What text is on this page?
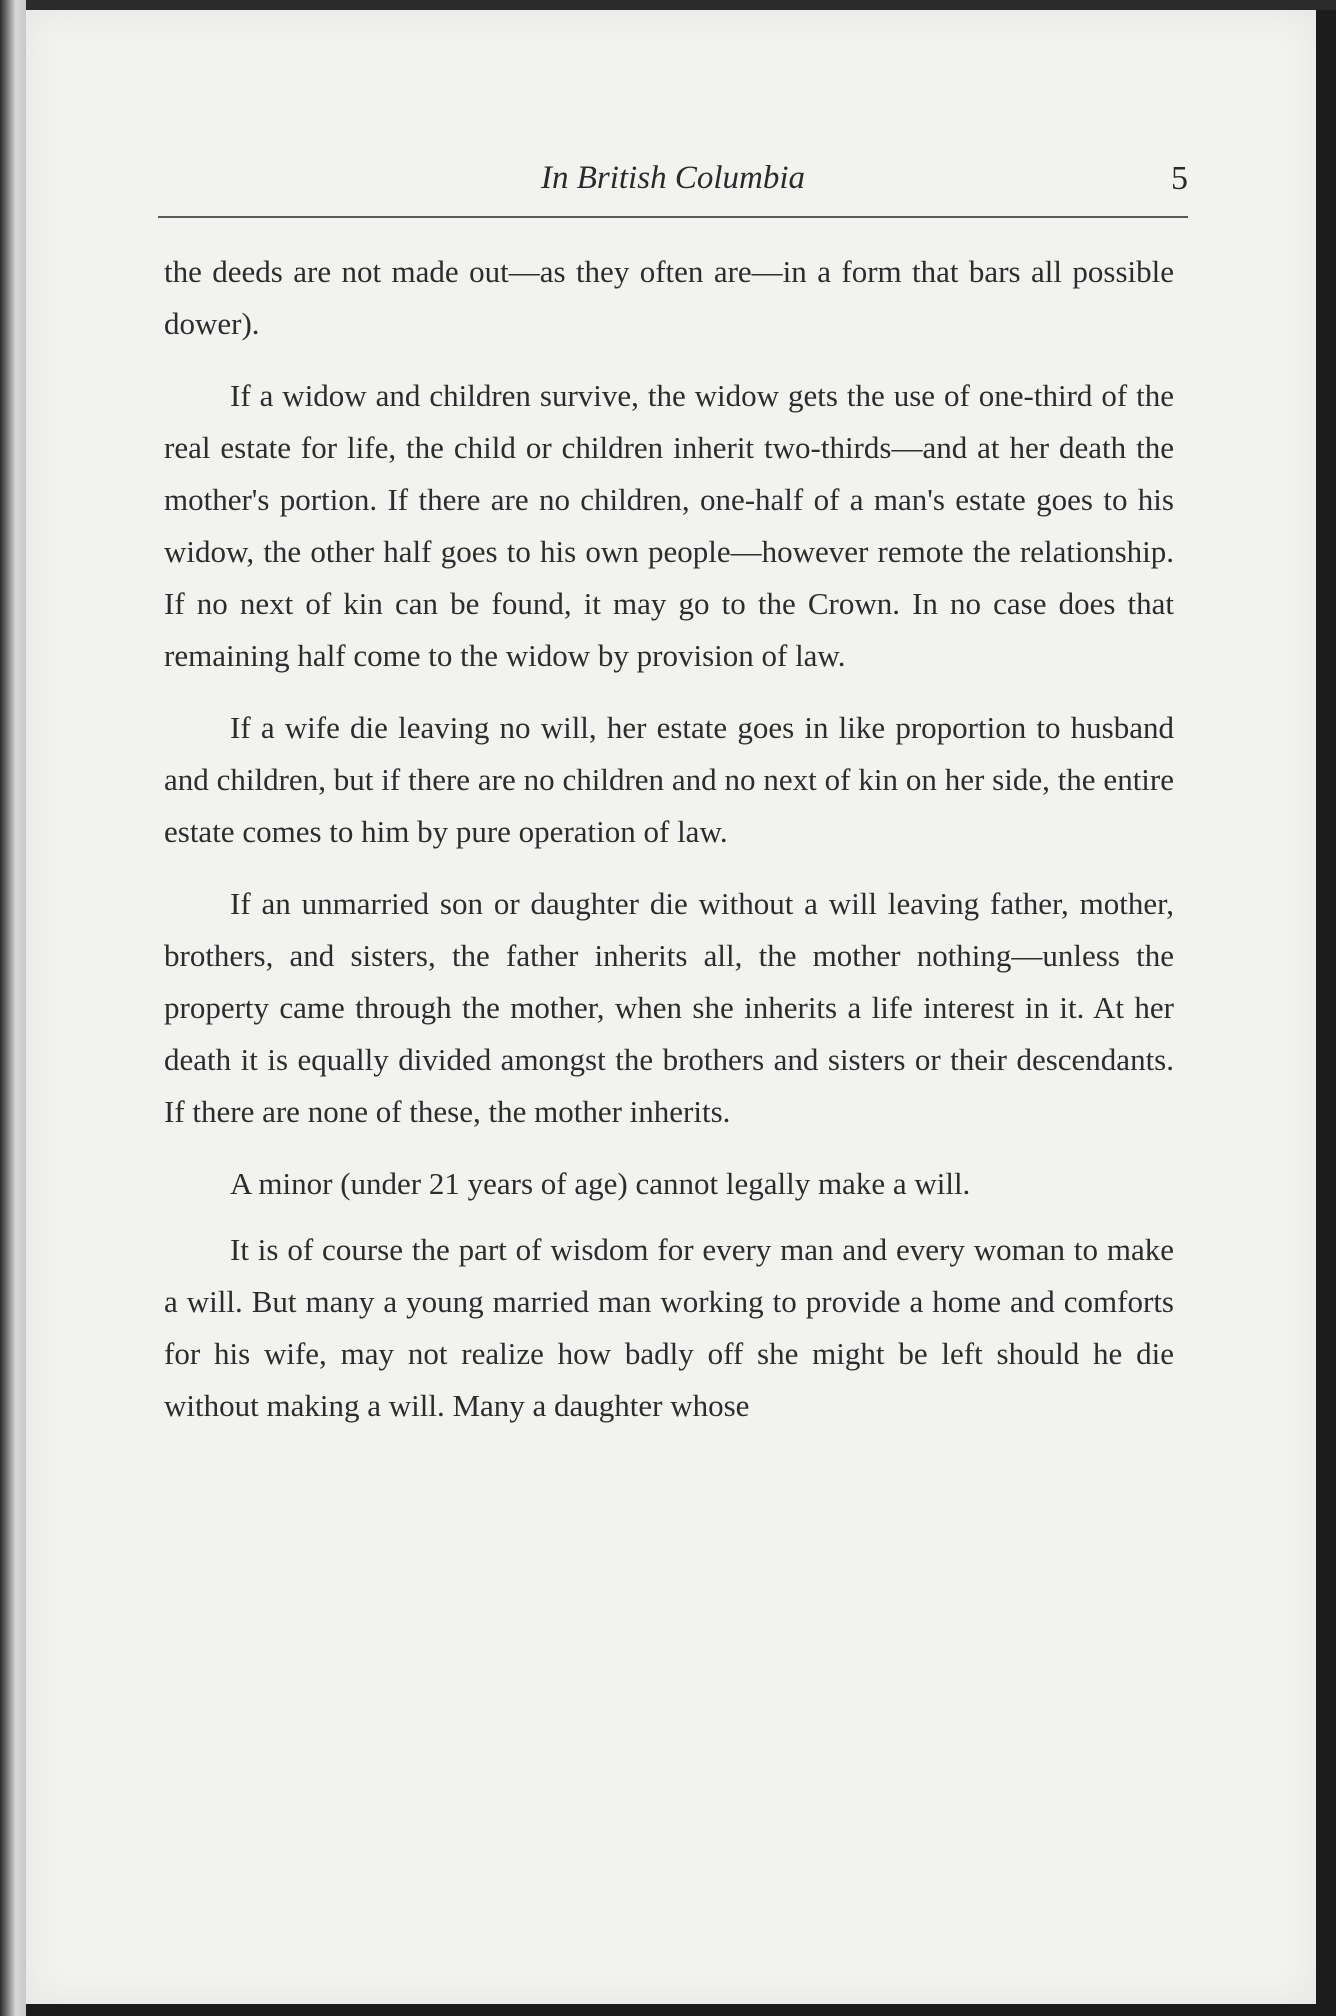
In British Columbia	5

the deeds are not made out—as they often are—in a form that bars all possible dower).

If a widow and children survive, the widow gets the use of one-third of the real estate for life, the child or children inherit two-thirds—and at her death the mother's portion. If there are no children, one-half of a man's estate goes to his widow, the other half goes to his own people—however remote the relationship. If no next of kin can be found, it may go to the Crown. In no case does that remaining half come to the widow by provision of law.

If a wife die leaving no will, her estate goes in like proportion to husband and children, but if there are no children and no next of kin on her side, the entire estate comes to him by pure operation of law.

If an unmarried son or daughter die without a will leaving father, mother, brothers, and sisters, the father inherits all, the mother nothing—unless the property came through the mother, when she inherits a life interest in it. At her death it is equally divided amongst the brothers and sisters or their descendants. If there are none of these, the mother inherits.

A minor (under 21 years of age) cannot legally make a will.

It is of course the part of wisdom for every man and every woman to make a will. But many a young married man working to provide a home and comforts for his wife, may not realize how badly off she might be left should he die without making a will. Many a daughter whose
